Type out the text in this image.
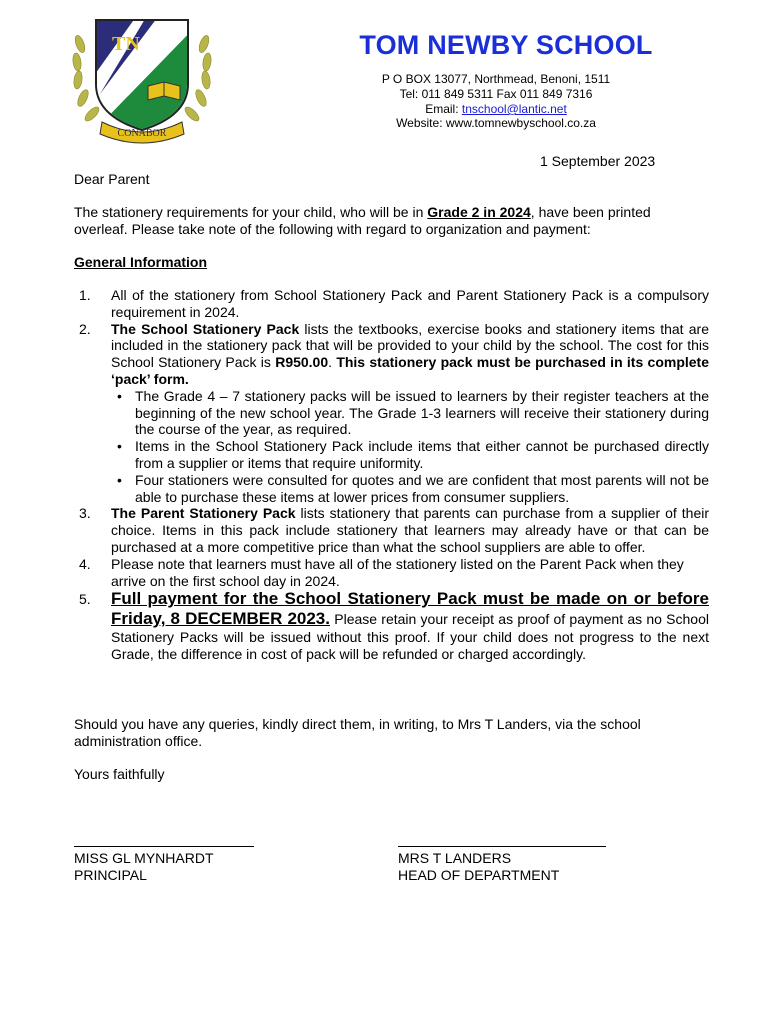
TN
CONABOR
TOM NEWBY SCHOOL
P O BOX 13077, Northmead, Benoni, 1511
Tel: 011 849 5311 Fax 011 849 7316
Email: tnschool@lantic.net
Website: www.tomnewbyschool.co.za
1 September 2023
Dear Parent
The stationery requirements for your child, who will be in Grade 2 in 2024, have been printed overleaf. Please take note of the following with regard to organization and payment:
General Information
1.	All of the stationery from School Stationery Pack and Parent Stationery Pack is a compulsory requirement in 2024.
2.	The School Stationery Pack lists the textbooks, exercise books and stationery items that are included in the stationery pack that will be provided to your child by the school. The cost for this School Stationery Pack is R950.00. This stationery pack must be purchased in its complete ‘pack’ form.
• The Grade 4 – 7 stationery packs will be issued to learners by their register teachers at the beginning of the new school year. The Grade 1-3 learners will receive their stationery during the course of the year, as required.
• Items in the School Stationery Pack include items that either cannot be purchased directly from a supplier or items that require uniformity.
• Four stationers were consulted for quotes and we are confident that most parents will not be able to purchase these items at lower prices from consumer suppliers.
3.	The Parent Stationery Pack lists stationery that parents can purchase from a supplier of their choice. Items in this pack include stationery that learners may already have or that can be purchased at a more competitive price than what the school suppliers are able to offer.
4.	Please note that learners must have all of the stationery listed on the Parent Pack when they arrive on the first school day in 2024.
5.	Full payment for the School Stationery Pack must be made on or before Friday, 8 DECEMBER 2023. Please retain your receipt as proof of payment as no School Stationery Packs will be issued without this proof. If your child does not progress to the next Grade, the difference in cost of pack will be refunded or charged accordingly.
Should you have any queries, kindly direct them, in writing, to Mrs T Landers, via the school administration office.
Yours faithfully
MISS GL MYNHARDT
PRINCIPAL
MRS T LANDERS
HEAD OF DEPARTMENT
